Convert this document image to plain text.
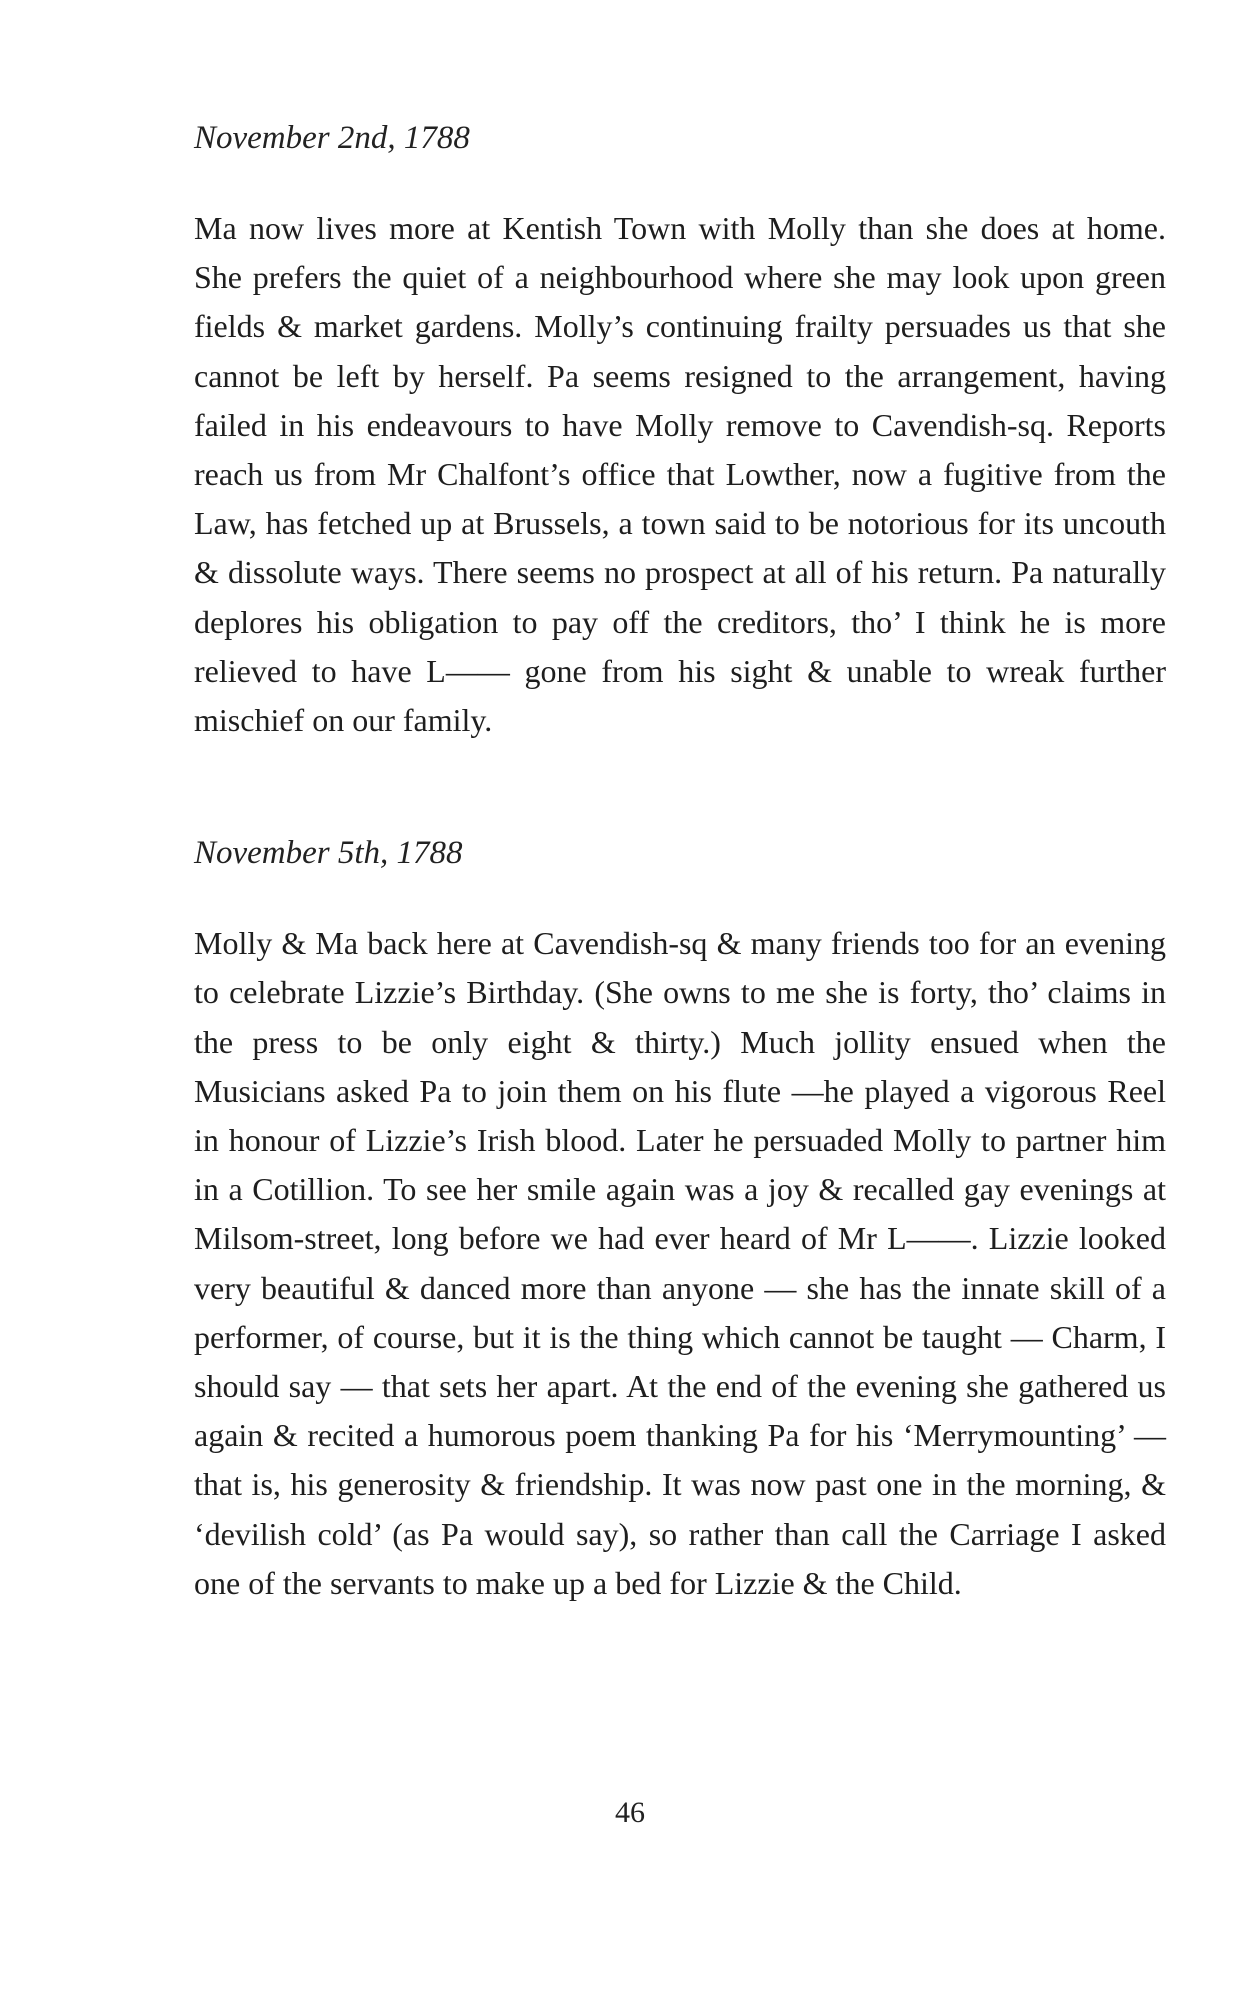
November 2nd, 1788

Ma now lives more at Kentish Town with Molly than she does at home. She prefers the quiet of a neighbourhood where she may look upon green fields & market gardens. Molly’s continuing frailty persuades us that she cannot be left by herself. Pa seems resigned to the arrangement, having failed in his endeavours to have Molly remove to Cavendish-sq. Reports reach us from Mr Chalfont’s office that Lowther, now a fugitive from the Law, has fetched up at Brussels, a town said to be notorious for its uncouth & dissolute ways. There seems no prospect at all of his return. Pa naturally deplores his obligation to pay off the creditors, tho’ I think he is more relieved to have L—— gone from his sight & unable to wreak further mischief on our family.

November 5th, 1788

Molly & Ma back here at Cavendish-sq & many friends too for an evening to celebrate Lizzie’s Birthday. (She owns to me she is forty, tho’ claims in the press to be only eight & thirty.) Much jollity ensued when the Musicians asked Pa to join them on his flute —he played a vigorous Reel in honour of Lizzie’s Irish blood. Later he persuaded Molly to partner him in a Cotillion. To see her smile again was a joy & recalled gay evenings at Milsom-street, long before we had ever heard of Mr L——. Lizzie looked very beautiful & danced more than anyone — she has the innate skill of a performer, of course, but it is the thing which cannot be taught — Charm, I should say — that sets her apart. At the end of the evening she gathered us again & recited a humorous poem thanking Pa for his ‘Merrymounting’ — that is, his generosity & friendship. It was now past one in the morning, & ‘devilish cold’ (as Pa would say), so rather than call the Carriage I asked one of the servants to make up a bed for Lizzie & the Child.

46
